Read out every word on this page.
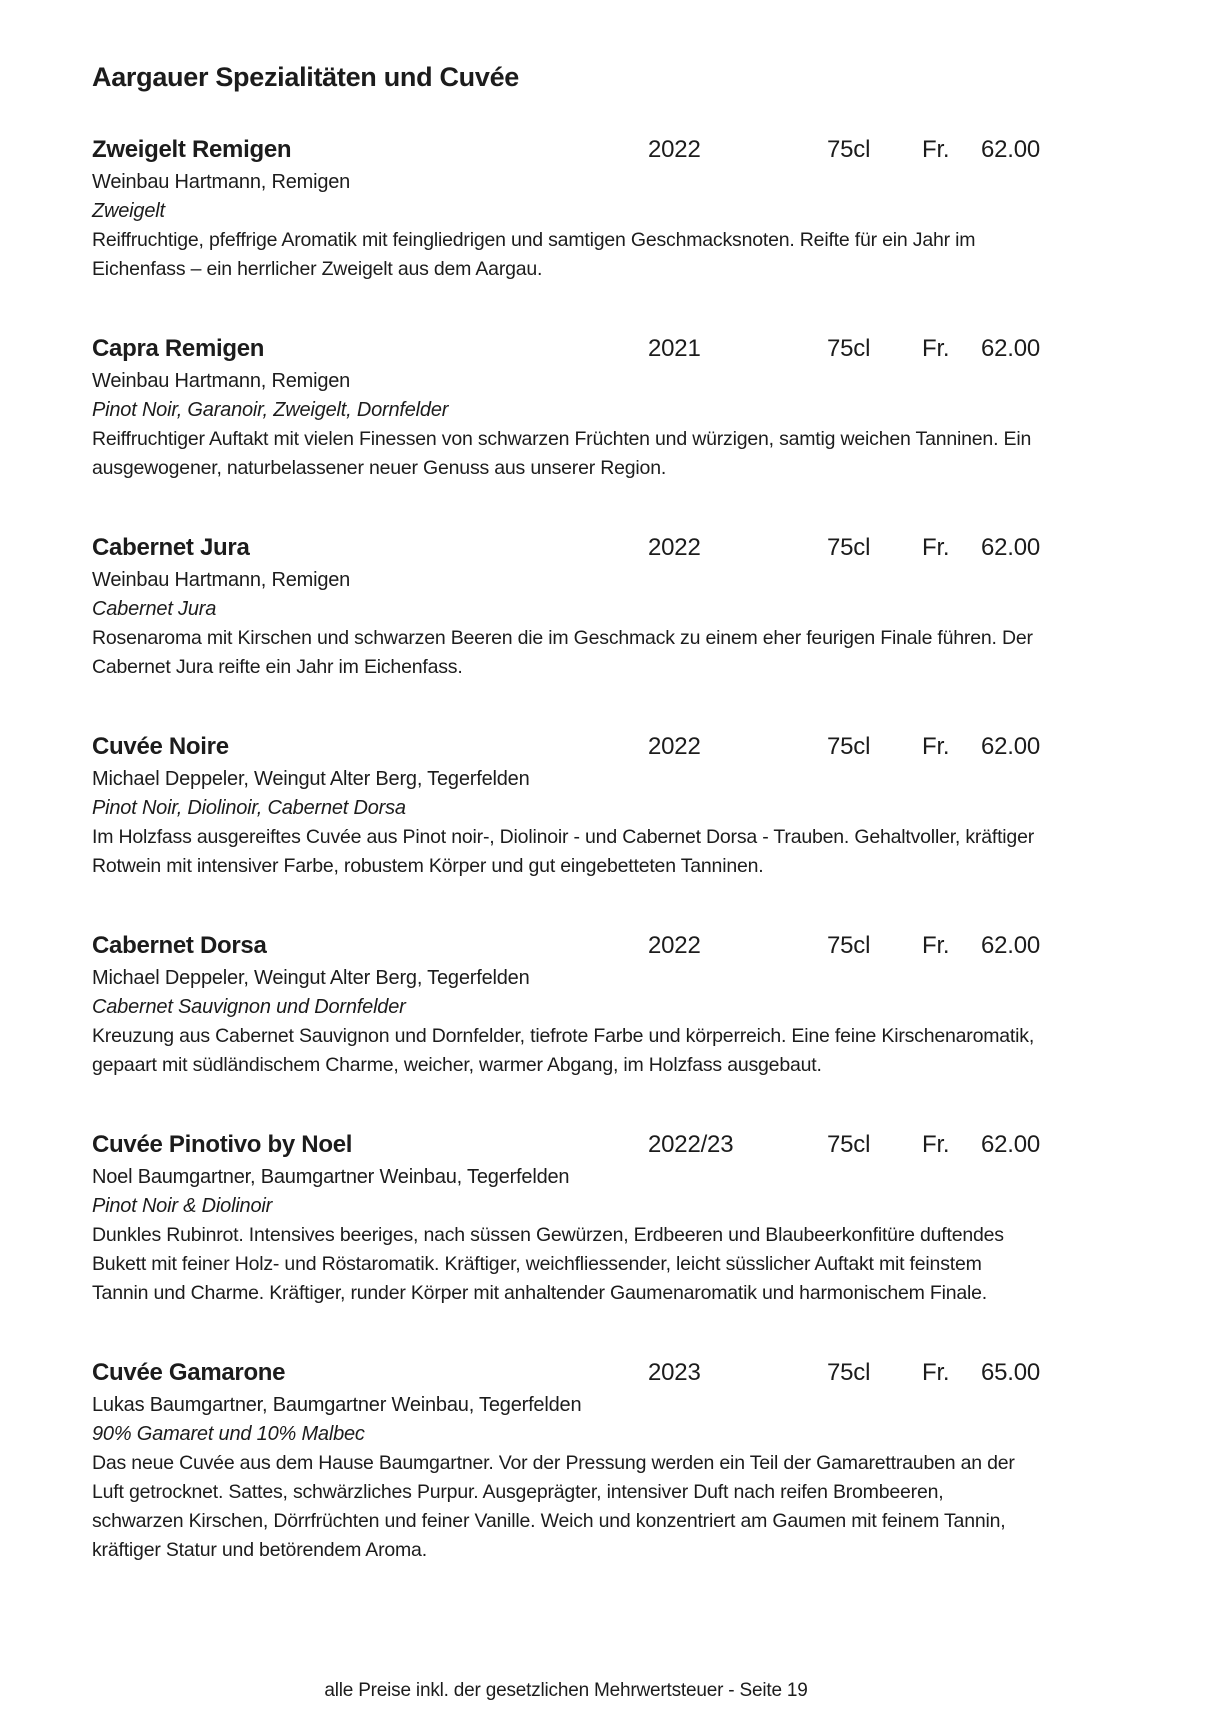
Aargauer Spezialitäten und Cuvée
Zweigelt Remigen	2022	75cl	Fr. 62.00
Weinbau Hartmann, Remigen
Zweigelt
Reiffruchtige, pfeffrige Aromatik mit feingliedrigen und samtigen Geschmacksnoten. Reifte für ein Jahr im Eichenfass – ein herrlicher Zweigelt aus dem Aargau.
Capra Remigen	2021	75cl	Fr. 62.00
Weinbau Hartmann, Remigen
Pinot Noir, Garanoir, Zweigelt, Dornfelder
Reiffruchtiger Auftakt mit vielen Finessen von schwarzen Früchten und würzigen, samtig weichen Tanninen. Ein ausgewogener, naturbelassener neuer Genuss aus unserer Region.
Cabernet Jura	2022	75cl	Fr. 62.00
Weinbau Hartmann, Remigen
Cabernet Jura
Rosenaroma mit Kirschen und schwarzen Beeren die im Geschmack zu einem eher feurigen Finale führen. Der Cabernet Jura reifte ein Jahr im Eichenfass.
Cuvée Noire	2022	75cl	Fr. 62.00
Michael Deppeler, Weingut Alter Berg, Tegerfelden
Pinot Noir, Diolinoir, Cabernet Dorsa
Im Holzfass ausgereiftes Cuvée aus Pinot noir-, Diolinoir - und Cabernet Dorsa - Trauben. Gehaltvoller, kräftiger Rotwein mit intensiver Farbe, robustem Körper und gut eingebetteten Tanninen.
Cabernet Dorsa	2022	75cl	Fr. 62.00
Michael Deppeler, Weingut Alter Berg, Tegerfelden
Cabernet Sauvignon und Dornfelder
Kreuzung aus Cabernet Sauvignon und Dornfelder, tiefrote Farbe und körperreich. Eine feine Kirschenaromatik, gepaart mit südländischem Charme, weicher, warmer Abgang, im Holzfass ausgebaut.
Cuvée Pinotivo by Noel	2022/23	75cl	Fr. 62.00
Noel Baumgartner, Baumgartner Weinbau, Tegerfelden
Pinot Noir & Diolinoir
Dunkles Rubinrot. Intensives beeriges, nach süssen Gewürzen, Erdbeeren und Blaubeerkonfitüre duftendes Bukett mit feiner Holz- und Röstaromatik. Kräftiger, weichfliessender, leicht süsslicher Auftakt mit feinstem Tannin und Charme. Kräftiger, runder Körper mit anhaltender Gaumenaromatik und harmonischem Finale.
Cuvée Gamarone	2023	75cl	Fr. 65.00
Lukas Baumgartner, Baumgartner Weinbau, Tegerfelden
90% Gamaret und 10% Malbec
Das neue Cuvée aus dem Hause Baumgartner. Vor der Pressung werden ein Teil der Gamarettrauben an der Luft getrocknet. Sattes, schwärzliches Purpur. Ausgeprägter, intensiver Duft nach reifen Brombeeren, schwarzen Kirschen, Dörrfrüchten und feiner Vanille. Weich und konzentriert am Gaumen mit feinem Tannin, kräftiger Statur und betörendem Aroma.
alle Preise inkl. der gesetzlichen Mehrwertsteuer - Seite 19
